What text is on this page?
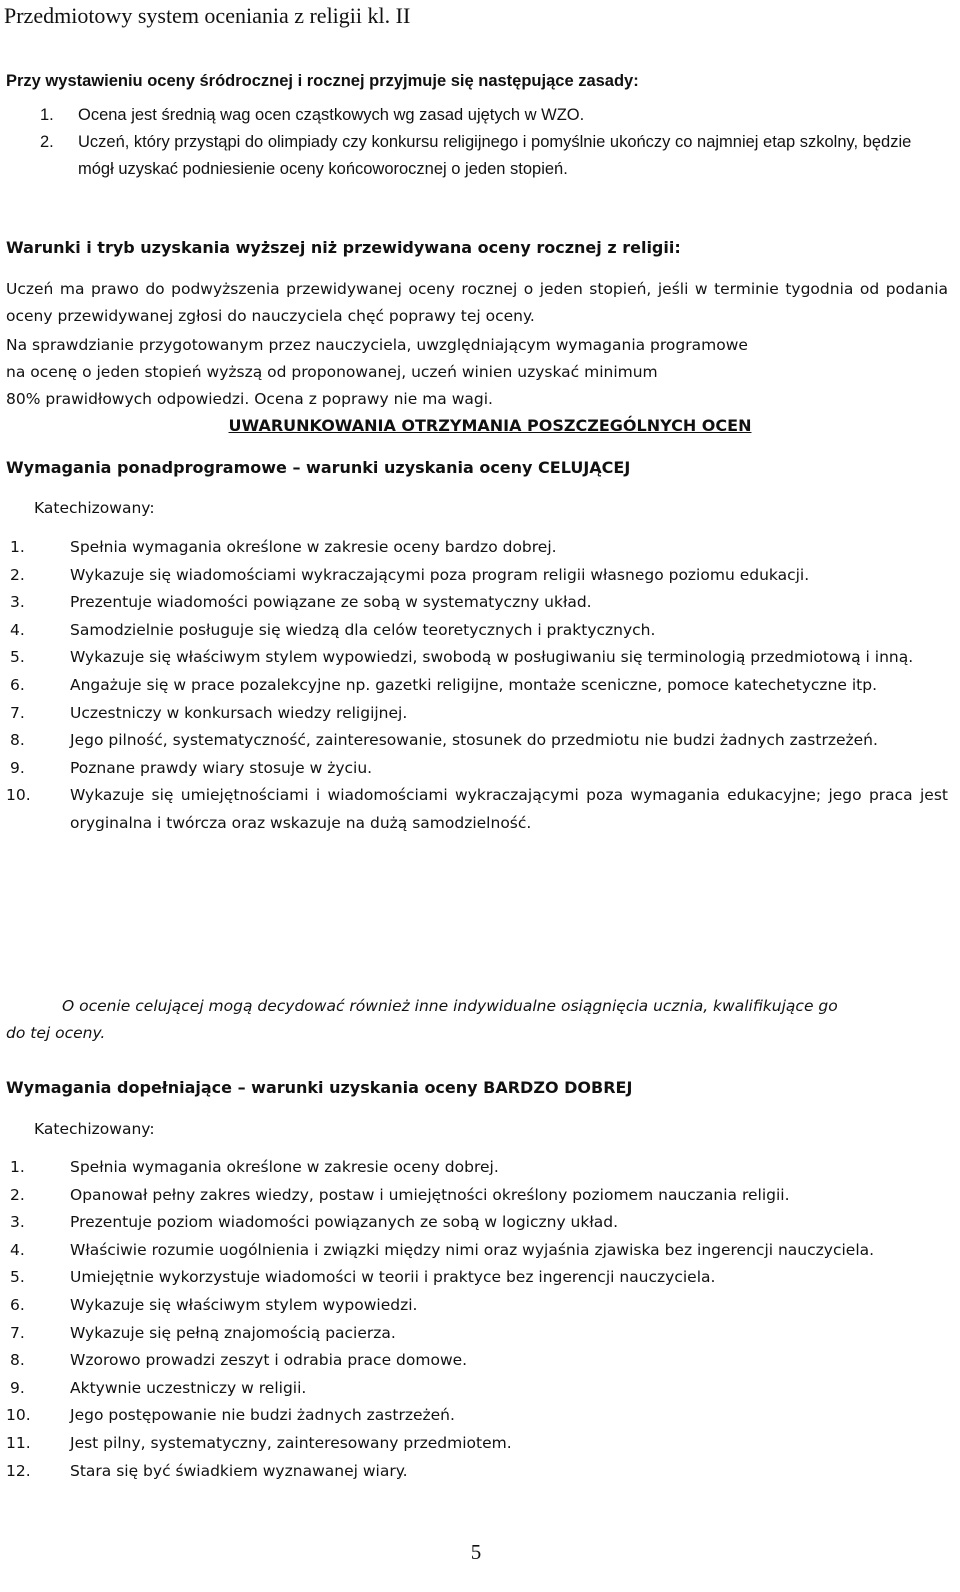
Przedmiotowy system oceniania z religii kl. II
Przy wystawieniu oceny śródrocznej i rocznej przyjmuje się następujące zasady:
1. Ocena jest średnią wag ocen cząstkowych wg zasad ujętych w WZO.
2. Uczeń, który przystąpi do olimpiady czy konkursu religijnego i pomyślnie ukończy co najmniej etap szkolny, będzie mógł uzyskać podniesienie oceny końcoworocznej o jeden stopień.
Warunki i tryb uzyskania wyższej niż przewidywana oceny rocznej z religii:
Uczeń ma prawo do podwyższenia przewidywanej oceny rocznej o jeden stopień, jeśli w terminie tygodnia od podania oceny przewidywanej zgłosi do nauczyciela chęć poprawy tej oceny.
Na sprawdzianie przygotowanym przez nauczyciela, uwzględniającym wymagania programowe
na ocenę o jeden stopień wyższą od proponowanej, uczeń winien uzyskać minimum
80% prawidłowych odpowiedzi. Ocena z poprawy nie ma wagi.
UWARUNKOWANIA OTRZYMANIA POSZCZEGÓLNYCH OCEN
Wymagania ponadprogramowe – warunki uzyskania oceny CELUJĄCEJ
Katechizowany:
1.	Spełnia wymagania określone w zakresie oceny bardzo dobrej.
2.	Wykazuje się wiadomościami wykraczającymi poza program religii własnego poziomu edukacji.
3.	Prezentuje wiadomości powiązane ze sobą w systematyczny układ.
4.	Samodzielnie posługuje się wiedzą dla celów teoretycznych i praktycznych.
5.	Wykazuje się właściwym stylem wypowiedzi, swobodą w posługiwaniu się terminologią przedmiotową i inną.
6.	Angażuje się w prace pozalekcyjne np. gazetki religijne, montaże sceniczne, pomoce katechetyczne itp.
7.	Uczestniczy w konkursach wiedzy religijnej.
8.	Jego pilność, systematyczność, zainteresowanie, stosunek do przedmiotu nie budzi żadnych zastrzeżeń.
9.	Poznane prawdy wiary stosuje w życiu.
10.	Wykazuje się umiejętnościami i wiadomościami wykraczającymi poza wymagania edukacyjne; jego praca jest oryginalna i twórcza oraz wskazuje na dużą samodzielność.
O ocenie celującej mogą decydować również inne indywidualne osiągnięcia ucznia, kwalifikujące go
do tej oceny.
Wymagania dopełniające – warunki uzyskania oceny BARDZO DOBREJ
Katechizowany:
1.	Spełnia wymagania określone w zakresie oceny dobrej.
2.	Opanował pełny zakres wiedzy, postaw i umiejętności określony poziomem nauczania religii.
3.	Prezentuje poziom wiadomości powiązanych ze sobą w logiczny układ.
4.	Właściwie rozumie uogólnienia i związki między nimi oraz wyjaśnia zjawiska bez ingerencji nauczyciela.
5.	Umiejętnie wykorzystuje wiadomości w teorii i praktyce bez ingerencji nauczyciela.
6.	Wykazuje się właściwym stylem wypowiedzi.
7.	Wykazuje się pełną znajomością pacierza.
8.	Wzorowo prowadzi zeszyt i odrabia prace domowe.
9.	Aktywnie uczestniczy w religii.
10.	Jego postępowanie nie budzi żadnych zastrzeżeń.
11.	Jest pilny, systematyczny, zainteresowany przedmiotem.
12.	Stara się być świadkiem wyznawanej wiary.
5
